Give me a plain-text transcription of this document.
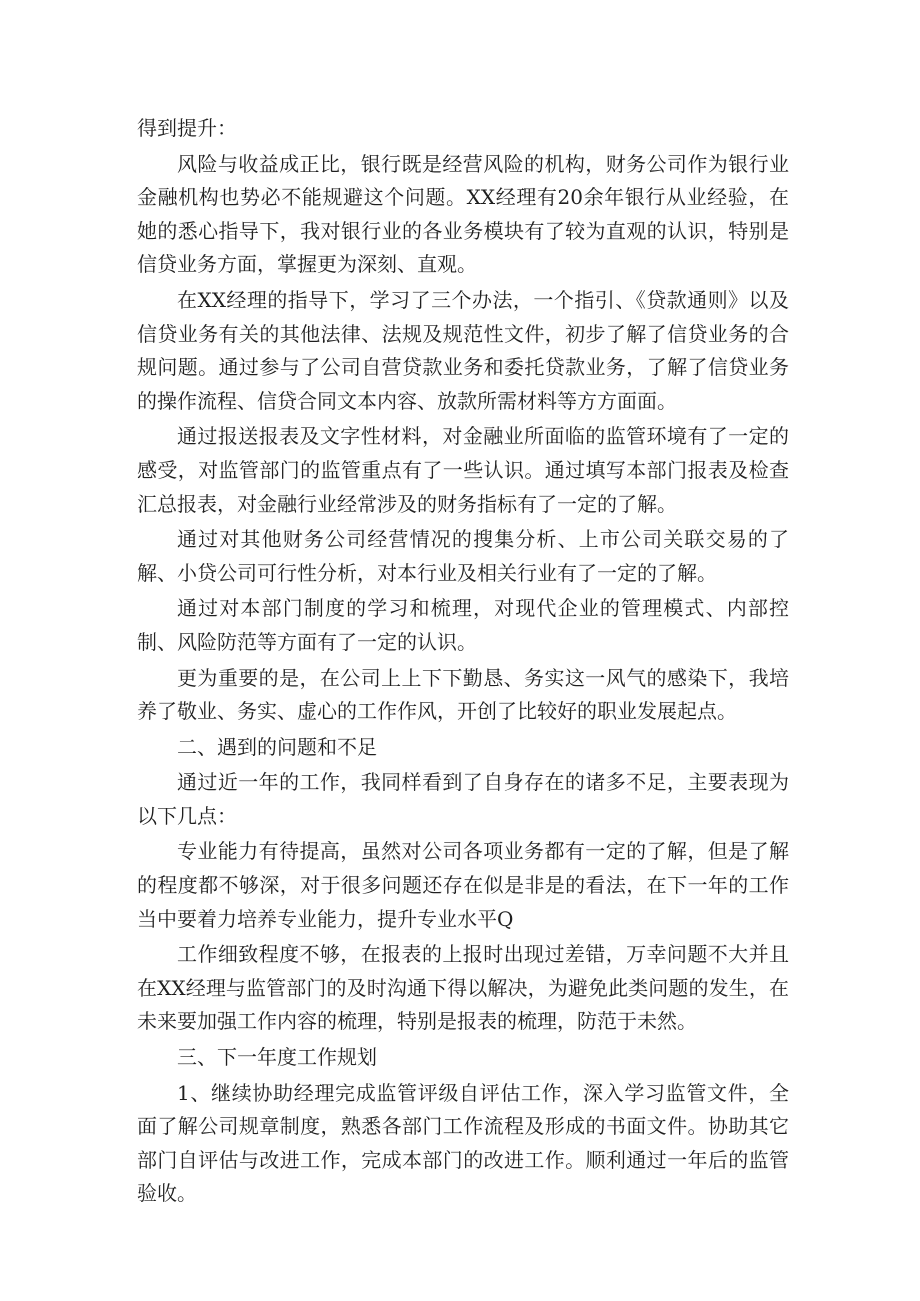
得到提升：

风险与收益成正比，银行既是经营风险的机构，财务公司作为银行业金融机构也势必不能规避这个问题。XX经理有20余年银行从业经验，在她的悉心指导下，我对银行业的各业务模块有了较为直观的认识，特别是信贷业务方面，掌握更为深刻、直观。

在XX经理的指导下，学习了三个办法，一个指引、《贷款通则》以及信贷业务有关的其他法律、法规及规范性文件，初步了解了信贷业务的合规问题。通过参与了公司自营贷款业务和委托贷款业务，了解了信贷业务的操作流程、信贷合同文本内容、放款所需材料等方方面面。

通过报送报表及文字性材料，对金融业所面临的监管环境有了一定的感受，对监管部门的监管重点有了一些认识。通过填写本部门报表及检查汇总报表，对金融行业经常涉及的财务指标有了一定的了解。

通过对其他财务公司经营情况的搜集分析、上市公司关联交易的了解、小贷公司可行性分析，对本行业及相关行业有了一定的了解。

通过对本部门制度的学习和梳理，对现代企业的管理模式、内部控制、风险防范等方面有了一定的认识。

更为重要的是，在公司上上下下勤恳、务实这一风气的感染下，我培养了敬业、务实、虚心的工作作风，开创了比较好的职业发展起点。

二、遇到的问题和不足

通过近一年的工作，我同样看到了自身存在的诸多不足，主要表现为以下几点：

专业能力有待提高，虽然对公司各项业务都有一定的了解，但是了解的程度都不够深，对于很多问题还存在似是非是的看法，在下一年的工作当中要着力培养专业能力，提升专业水平Q

工作细致程度不够，在报表的上报时出现过差错，万幸问题不大并且在XX经理与监管部门的及时沟通下得以解决，为避免此类问题的发生，在未来要加强工作内容的梳理，特别是报表的梳理，防范于未然。

三、下一年度工作规划

1、继续协助经理完成监管评级自评估工作，深入学习监管文件，全面了解公司规章制度，熟悉各部门工作流程及形成的书面文件。协助其它部门自评估与改进工作，完成本部门的改进工作。顺利通过一年后的监管验收。
